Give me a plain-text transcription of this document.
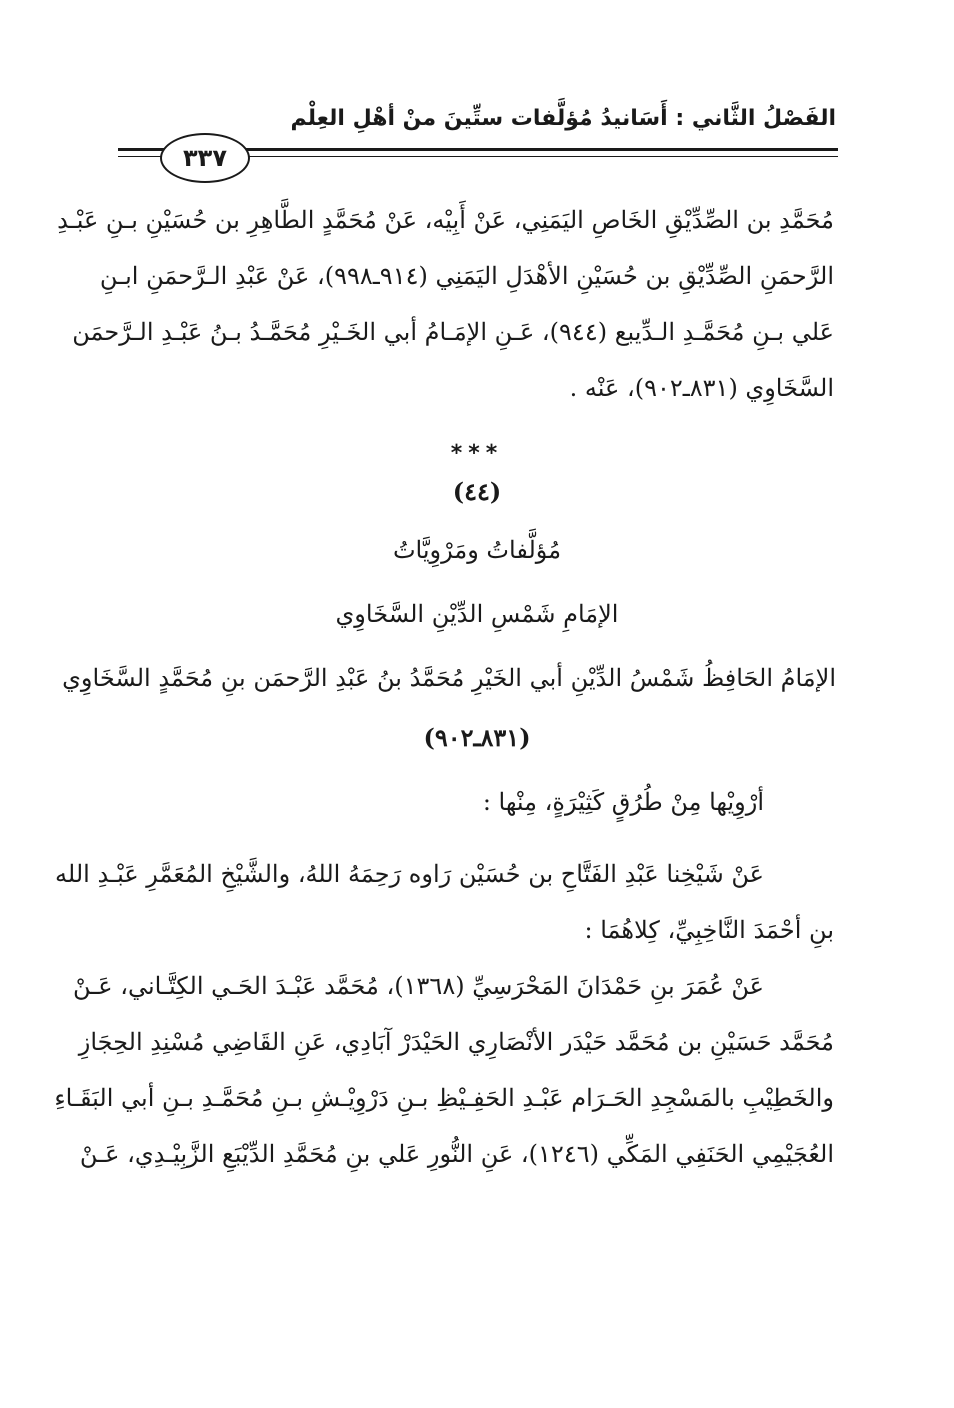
الفَصْلُ الثَّاني : أَسَانيدُ مُؤلَّفات ستِّينَ منْ أهْلِ العِلْم
٣٣٧
مُحَمَّدِ بن الصِّدِّيْقِ الخَاصِ اليَمَنِي، عَنْ أَبِيْه، عَنْ مُحَمَّدٍ الطَّاهِرِ بن حُسَيْنِ بـنِ عَبْـدِ
الرَّحمَنِ الصِّدِّيْقِ بن حُسَيْنِ الأهْدَلِ اليَمَنِي (٩١٤ـ٩٩٨)، عَنْ عَبْدِ الـرَّحمَنِ ابـنِ
عَلي بـنِ مُحَمَّـدِ الـدِّيبع (٩٤٤)، عَـنِ الإمَـامُ أبي الخَـيْرِ مُحَمَّـدُ بـنُ عَبْـدِ الـرَّحمَن
السَّخَاوِي (٨٣١ـ٩٠٢)، عَنْه .
***
(٤٤)
مُؤلَّفاتُ ومَرْوِيَّاتُ
الإمَامِ شَمْسِ الدِّيْنِ السَّخَاوِي
الإمَامُ الحَافِظُ شَمْسُ الدِّيْنِ أبي الخَيْرِ مُحَمَّدُ بنُ عَبْدِ الرَّحمَن بنِ مُحَمَّدٍ السَّخَاوِي
(٨٣١ـ٩٠٢)
أرْوِيْها مِنْ طُرُقٍ كَثِيْرَةٍ، مِنْها :
عَنْ شَيْخِنا عَبْدِ الفَتَّاحِ بن حُسَيْن رَاوه رَحِمَهُ اللهُ، والشَّيْخِ المُعَمَّرِ عَبْـدِ الله
بنِ أحْمَدَ النَّاخِبِيِّ، كِلاهُمَا :
عَنْ عُمَرَ بنِ حَمْدَانَ المَحْرَسِيِّ (١٣٦٨)، مُحَمَّد عَبْـدَ الحَـي الكِتَّـاني، عَـنْ
مُحَمَّد حَسَيْنِ بن مُحَمَّد حَيْدَر الأنْصَارِي الحَيْدَرْ آبَادِي، عَنِ القَاضِي مُسْنِدِ الحِجَازِ
والخَطِيْبِ بالمَسْجِدِ الحَـرَام عَبْـدِ الحَفِـيْظِ بـنِ دَرْوِيْـشِ بـنِ مُحَمَّـدِ بـنِ أبي البَقَـاءِ
العُجَيْمِي الحَنَفِي المَكِّي (١٢٤٦)، عَنِ النُّورِ عَلي بنِ مُحَمَّدِ الدِّيْبَعِ الزَّبِيْـدِي، عَـنْ
